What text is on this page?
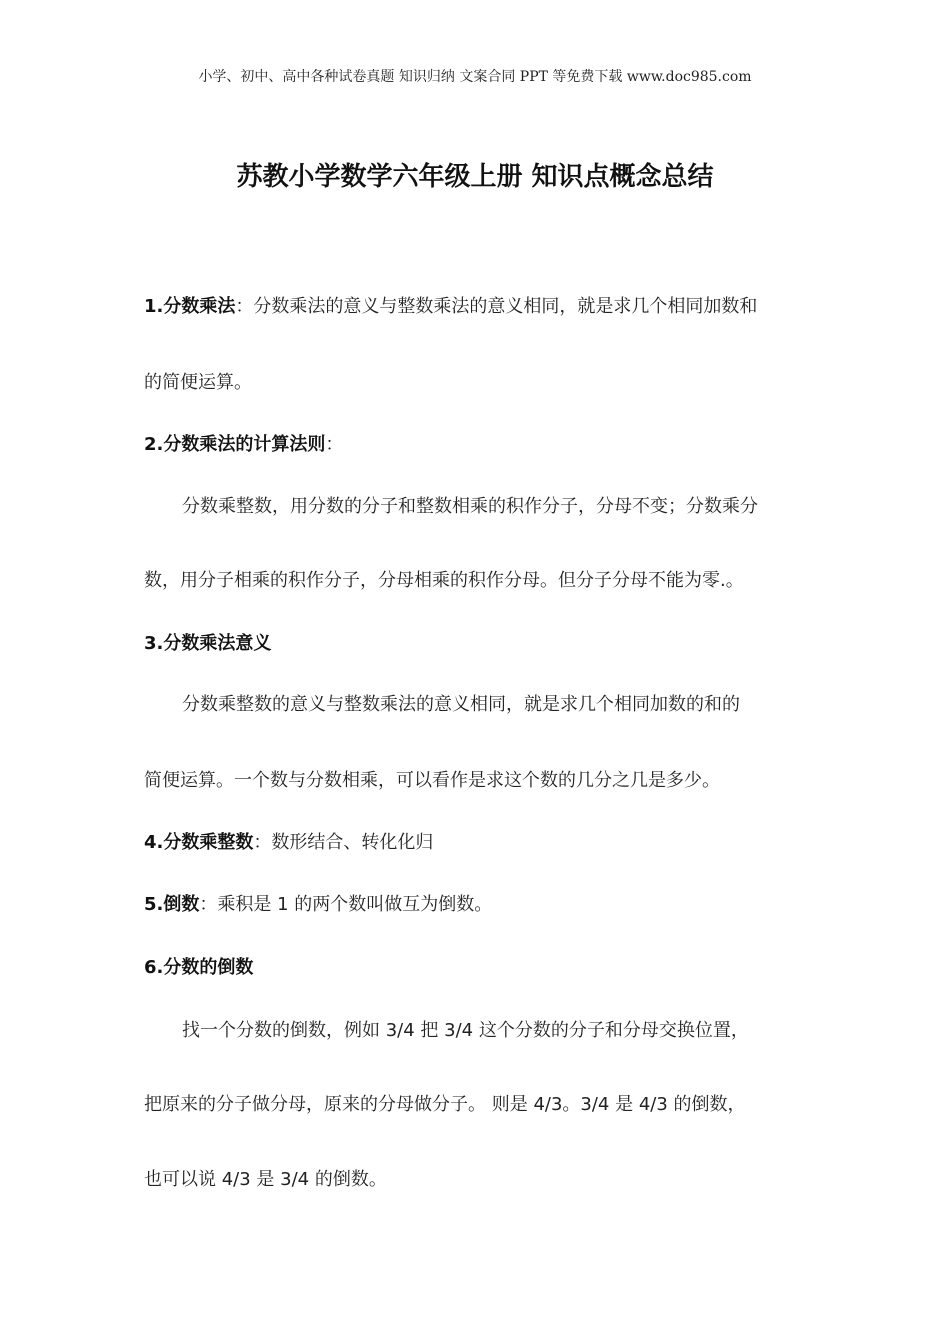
小学、初中、高中各种试卷真题 知识归纳 文案合同 PPT 等免费下载 www.doc985.com
苏教小学数学六年级上册 知识点概念总结
1.分数乘法：分数乘法的意义与整数乘法的意义相同，就是求几个相同加数和
的简便运算。
2.分数乘法的计算法则：
分数乘整数，用分数的分子和整数相乘的积作分子，分母不变；分数乘分
数，用分子相乘的积作分子，分母相乘的积作分母。但分子分母不能为零.。
3.分数乘法意义
分数乘整数的意义与整数乘法的意义相同，就是求几个相同加数的和的
简便运算。一个数与分数相乘，可以看作是求这个数的几分之几是多少。
4.分数乘整数：数形结合、转化化归
5.倒数：乘积是 1 的两个数叫做互为倒数。
6.分数的倒数
找一个分数的倒数，例如 3/4 把 3/4 这个分数的分子和分母交换位置，
把原来的分子做分母，原来的分母做分子。 则是 4/3。3/4 是 4/3 的倒数，
也可以说 4/3 是 3/4 的倒数。
